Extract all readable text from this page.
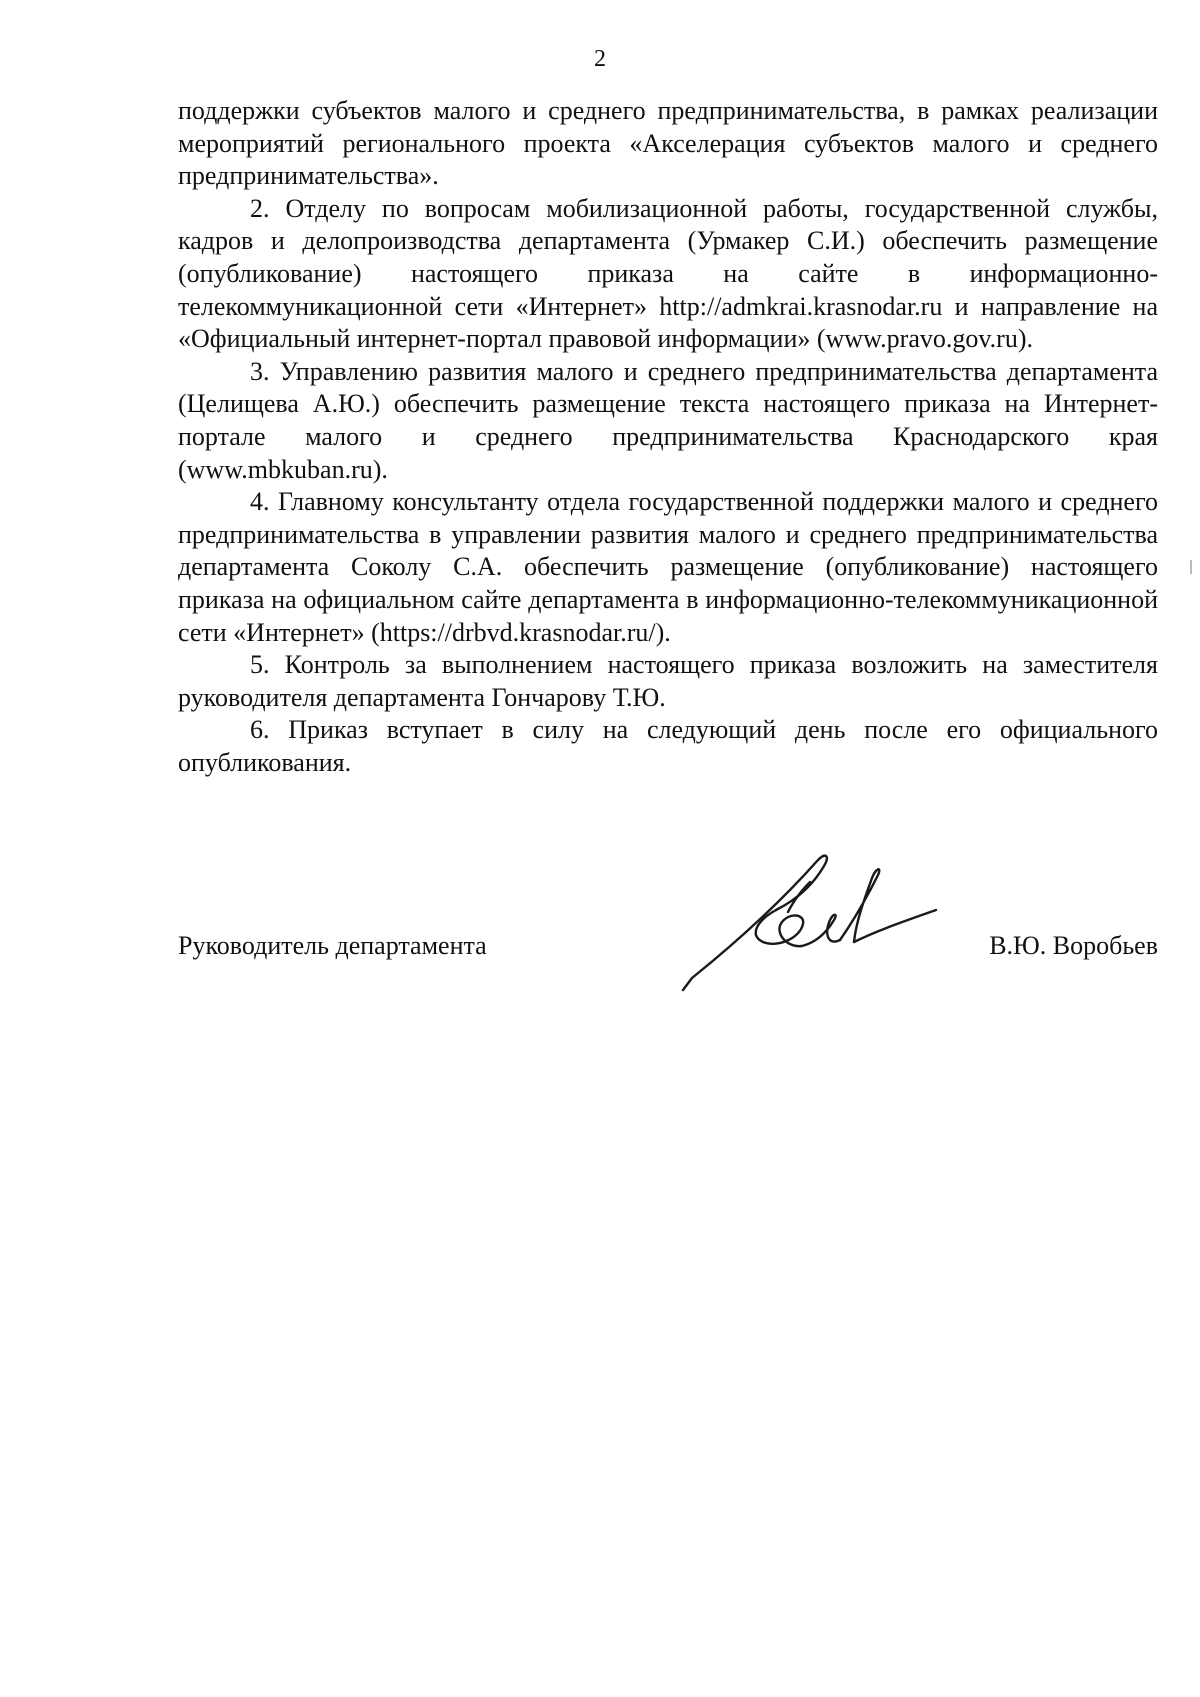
2

поддержки субъектов малого и среднего предпринимательства, в рамках реализации мероприятий регионального проекта «Акселерация субъектов малого и среднего предпринимательства».

2. Отделу по вопросам мобилизационной работы, государственной службы, кадров и делопроизводства департамента (Урмакер С.И.) обеспечить размещение (опубликование) настоящего приказа на сайте в информационно-телекоммуникационной сети «Интернет» http://admkrai.krasnodar.ru и направление на «Официальный интернет-портал правовой информации» (www.pravo.gov.ru).

3. Управлению развития малого и среднего предпринимательства департамента (Целищева А.Ю.) обеспечить размещение текста настоящего приказа на Интернет-портале малого и среднего предпринимательства Краснодарского края (www.mbkuban.ru).

4. Главному консультанту отдела государственной поддержки малого и среднего предпринимательства в управлении развития малого и среднего предпринимательства департамента Соколу С.А. обеспечить размещение (опубликование) настоящего приказа на официальном сайте департамента в информационно-телекоммуникационной сети «Интернет» (https://drbvd.krasnodar.ru/).

5. Контроль за выполнением настоящего приказа возложить на заместителя руководителя департамента Гончарову Т.Ю.

6. Приказ вступает в силу на следующий день после его официального опубликования.

Руководитель департамента	В.Ю. Воробьев
